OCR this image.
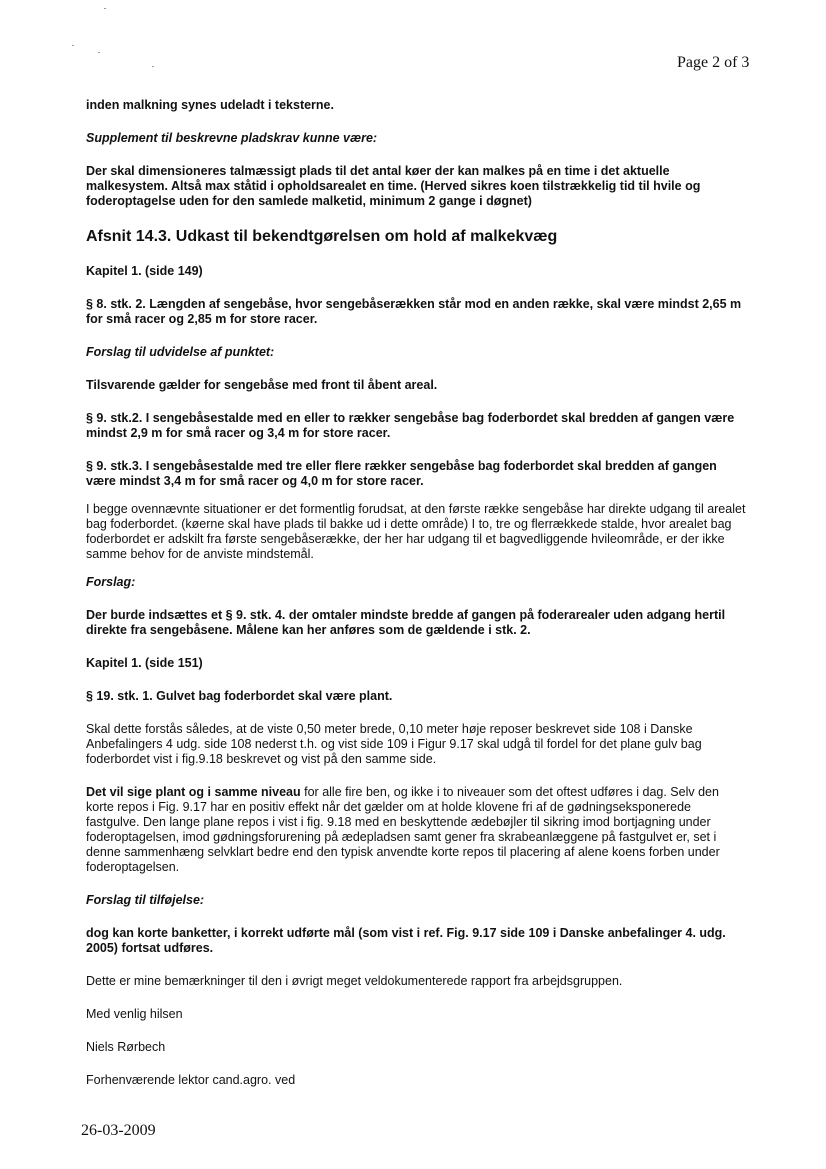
Page 2 of 3

inden malkning synes udeladt i teksterne.

Supplement til beskrevne pladskrav kunne være:

Der skal dimensioneres talmæssigt plads til det antal køer der kan malkes på en time i det aktuelle malkesystem. Altså max ståtid i opholdsarealet en time. (Herved sikres koen tilstrækkelig tid til hvile og foderoptagelse uden for den samlede malketid, minimum 2 gange i døgnet)

Afsnit 14.3. Udkast til bekendtgørelsen om hold af malkekvæg

Kapitel 1. (side 149)

§ 8. stk. 2. Længden af sengebåse, hvor sengebåserækken står mod en anden række, skal være mindst 2,65 m for små racer og 2,85 m for store racer.

Forslag til udvidelse af punktet:

Tilsvarende gælder for sengebåse med front til åbent areal.

§ 9. stk.2. I sengebåsestalde med en eller to rækker sengebåse bag foderbordet skal bredden af gangen være mindst 2,9 m for små racer og 3,4 m for store racer.

§ 9. stk.3. I sengebåsestalde med tre eller flere rækker sengebåse bag foderbordet skal bredden af gangen være mindst 3,4 m for små racer og 4,0 m for store racer.

I begge ovennævnte situationer er det formentlig forudsat, at den første række sengebåse har direkte udgang til arealet bag foderbordet. (køerne skal have plads til bakke ud i dette område) I to, tre og flerrækkede stalde, hvor arealet bag foderbordet er adskilt fra første sengebåserække, der her har udgang til et bagvedliggende hvileområde, er der ikke samme behov for de anviste mindstemål.

Forslag:

Der burde indsættes et § 9. stk. 4. der omtaler mindste bredde af gangen på foderarealer uden adgang hertil direkte fra sengebåsene. Målene kan her anføres som de gældende i stk. 2.

Kapitel 1. (side 151)

§ 19. stk. 1. Gulvet bag foderbordet skal være plant.

Skal dette forstås således, at de viste 0,50 meter brede, 0,10 meter høje reposer beskrevet side 108 i Danske Anbefalingers 4 udg. side 108 nederst t.h. og vist side 109 i Figur 9.17 skal udgå til fordel for det plane gulv bag foderbordet vist i fig.9.18 beskrevet og vist på den samme side.

Det vil sige plant og i samme niveau for alle fire ben, og ikke i to niveauer som det oftest udføres i dag. Selv den korte repos i Fig. 9.17 har en positiv effekt når det gælder om at holde klovene fri af de gødningseksponerede fastgulve. Den lange plane repos i vist i fig. 9.18 med en beskyttende ædebøjler til sikring imod bortjagning under foderoptagelsen, imod gødningsforurening på ædepladsen samt gener fra skrabeanlæggene på fastgulvet er, set i denne sammenhæng selvklart bedre end den typisk anvendte korte repos til placering af alene koens forben under foderoptagelsen.

Forslag til tilføjelse:

dog kan korte banketter, i korrekt udførte mål (som vist i ref. Fig. 9.17 side 109 i Danske anbefalinger 4. udg. 2005) fortsat udføres.

Dette er mine bemærkninger til den i øvrigt meget veldokumenterede rapport fra arbejdsgruppen.

Med venlig hilsen

Niels Rørbech

Forhenværende lektor cand.agro. ved

26-03-2009
